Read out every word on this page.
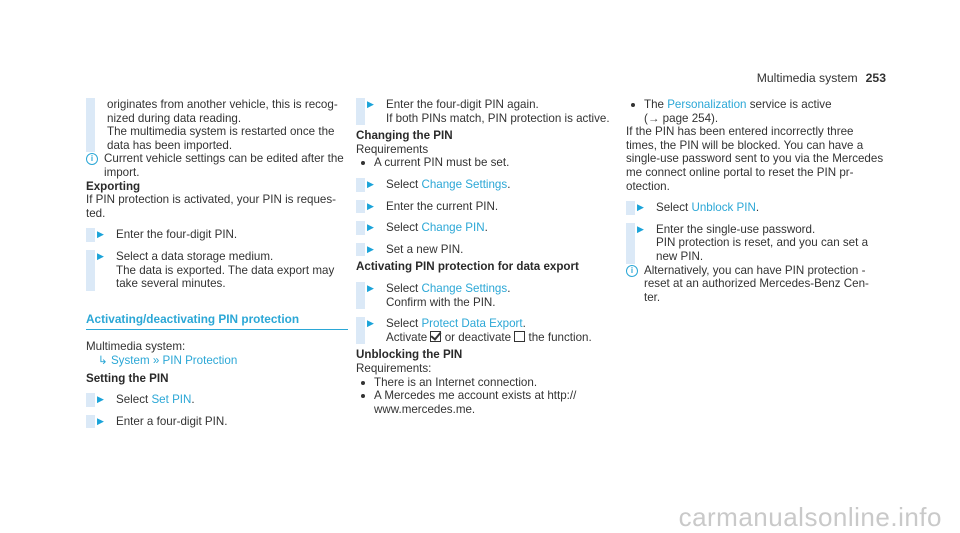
Multimedia system 253
originates from another vehicle, this is recog‑ nized during data reading.
The multimedia system is restarted once the data has been imported.
i Current vehicle settings can be edited after the import.
Exporting
If PIN protection is activated, your PIN is reques‑ ted.
▶ Enter the four-digit PIN.
▶ Select a data storage medium.
The data is exported. The data export may take several minutes.
Activating/deactivating PIN protection
Multimedia system:
↳ System » PIN Protection
Setting the PIN
▶ Select Set PIN.
▶ Enter a four-digit PIN.
▶ Enter the four-digit PIN again.
If both PINs match, PIN protection is active.
Changing the PIN
Requirements
A current PIN must be set.
▶ Select Change Settings.
▶ Enter the current PIN.
▶ Select Change PIN.
▶ Set a new PIN.
Activating PIN protection for data export
▶ Select Change Settings.
Confirm with the PIN.
▶ Select Protect Data Export.
Activate  or deactivate  the function.
Unblocking the PIN
Requirements:
There is an Internet connection.
A Mercedes me account exists at http:// www.mercedes.me.
The Personalization service is active
(→ page 254).
If the PIN has been entered incorrectly three times, the PIN will be blocked. You can have a single-use password sent to you via the Mercedes me connect online portal to reset the PIN protection.
▶ Select Unblock PIN.
▶ Enter the single-use password.
PIN protection is reset, and you can set a new PIN.
i Alternatively, you can have PIN protection reset at an authorized Mercedes-Benz Cen‑ ter.
carmanualsonline.info
